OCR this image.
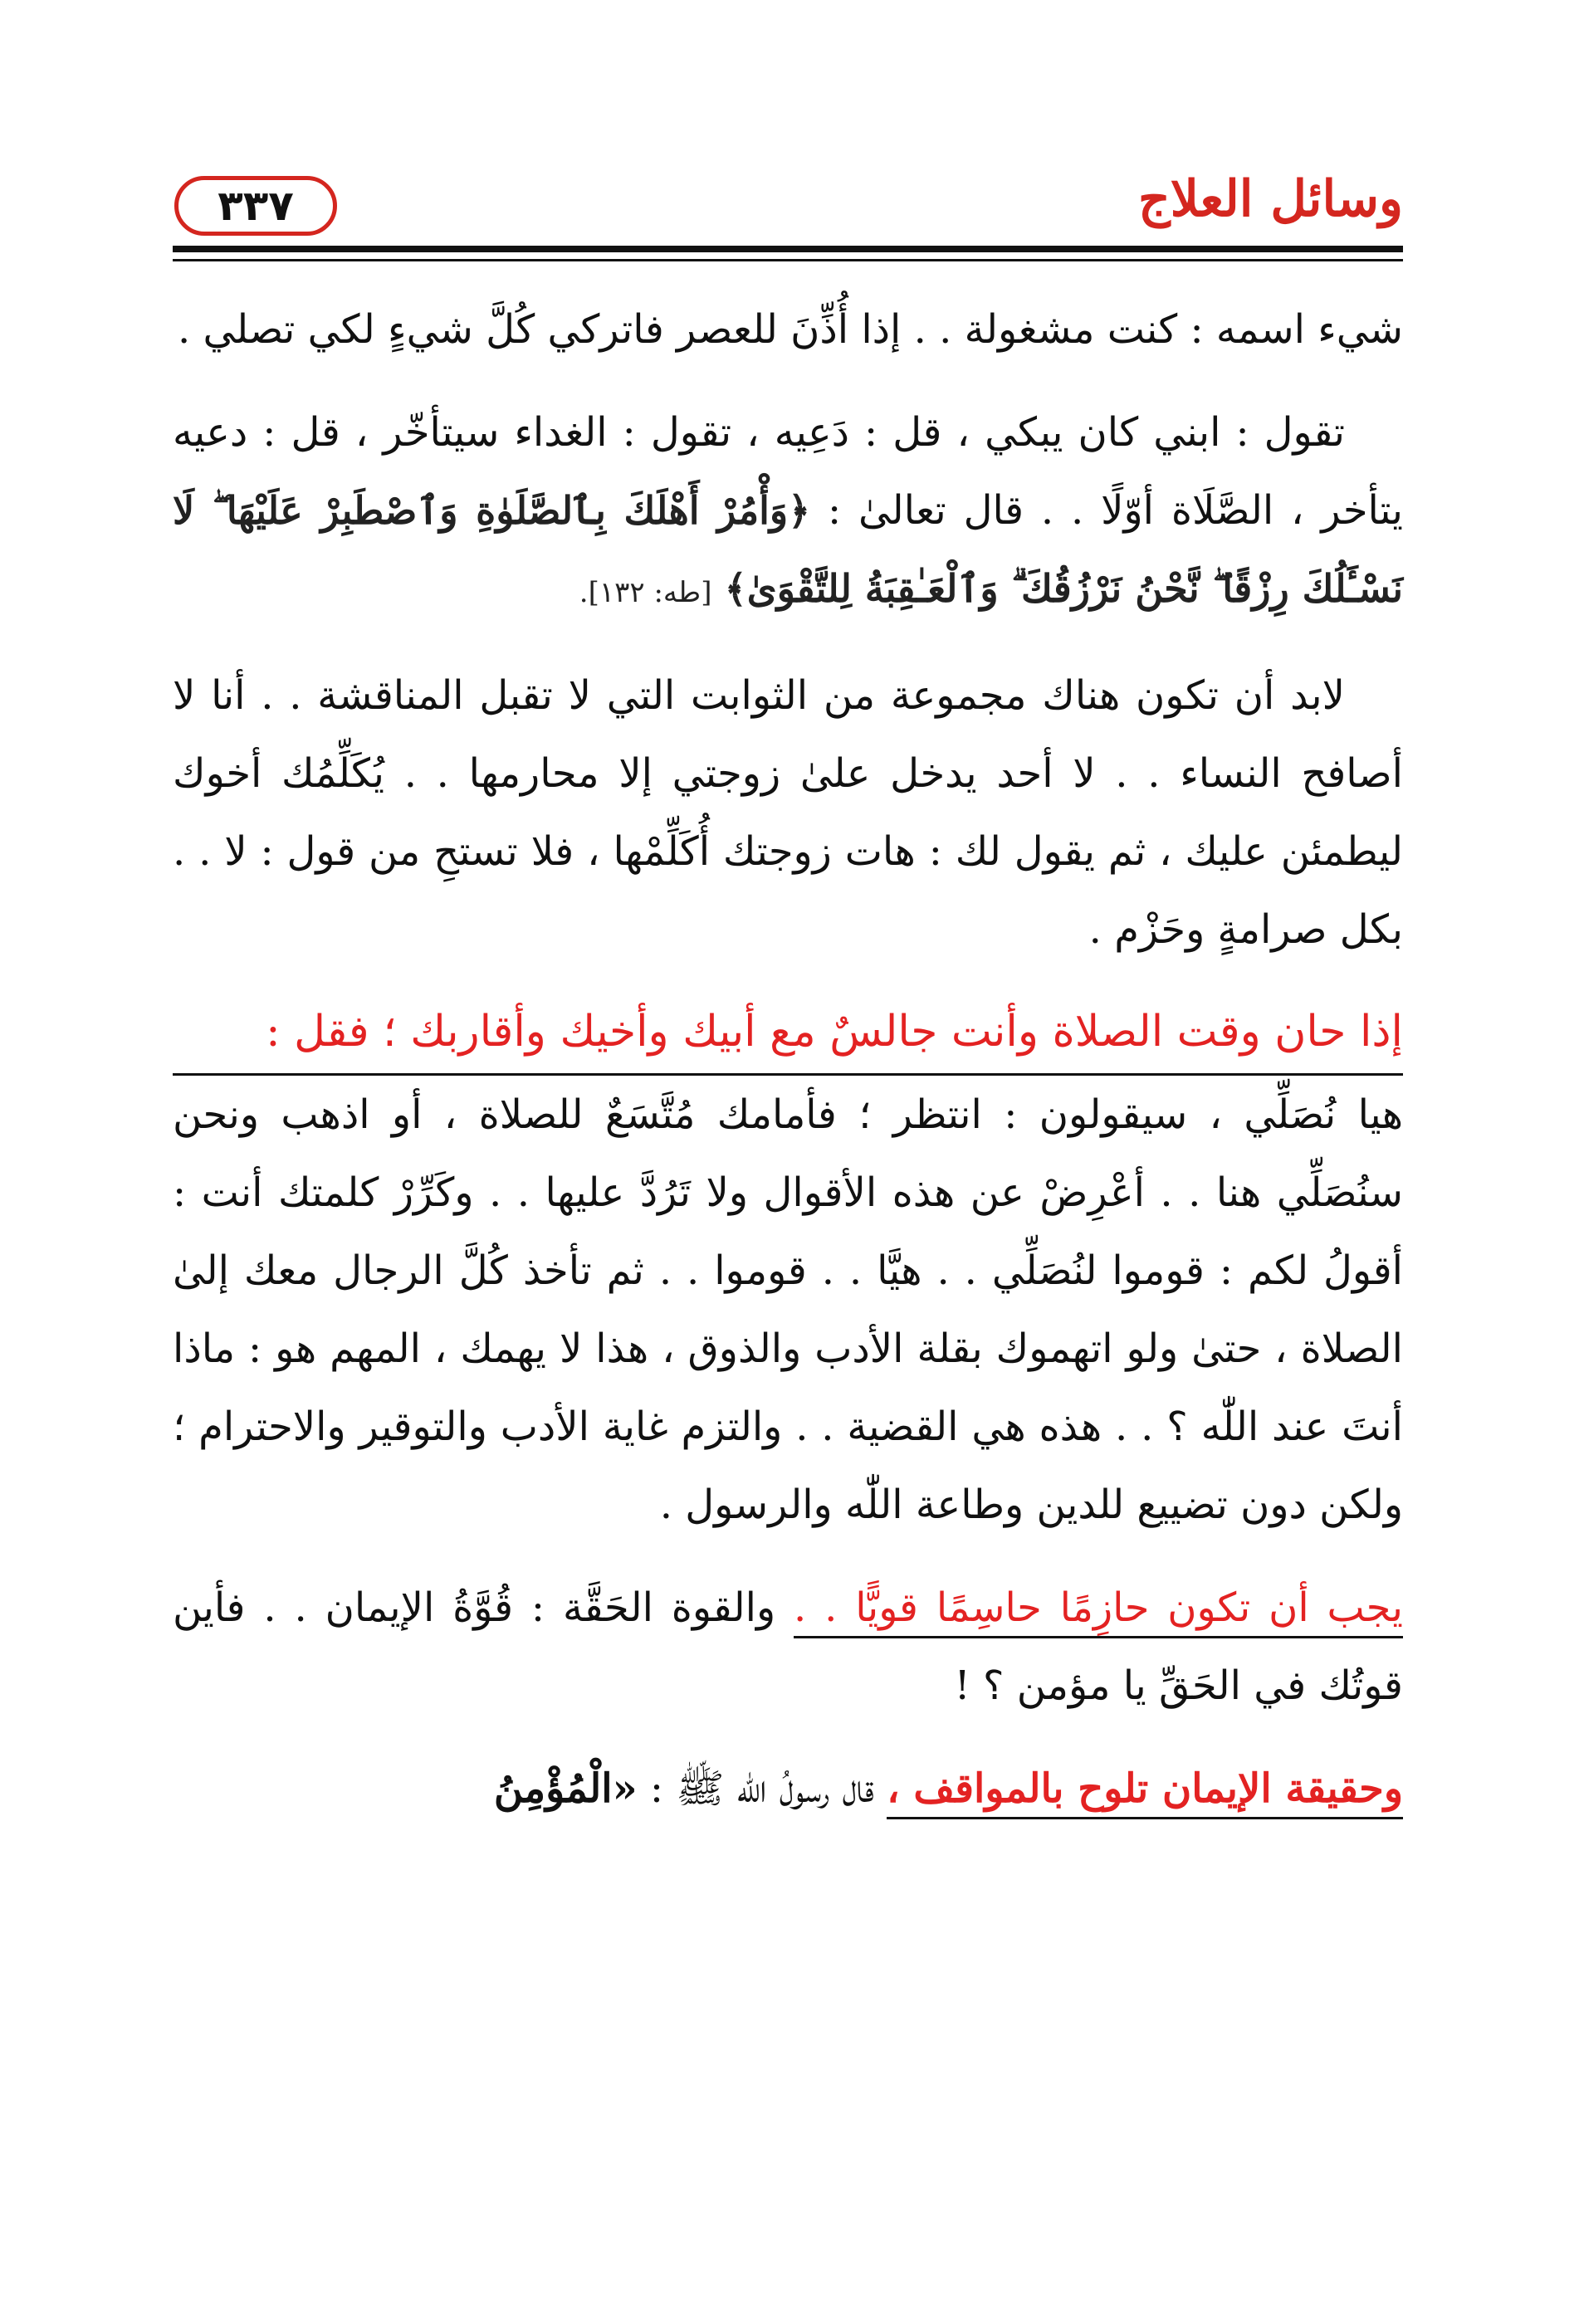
وسائل العلاج
٣٣٧

شيء اسمه : كنت مشغولة . . إذا أُذِّنَ للعصر فاتركي كُلَّ شيءٍ لكي تصلي .

تقول : ابني كان يبكي ، قل : دَعِيه ، تقول : الغداء سيتأخّر ، قل : دعيه يتأخر ، الصَّلَاة أوّلًا . . قال تعالىٰ : ﴿وَأْمُرْ أَهْلَكَ بِٱلصَّلَوٰةِ وَٱصْطَبِرْ عَلَيْهَا ۖ لَا نَسْـَٔلُكَ رِزْقًا ۖ نَّحْنُ نَرْزُقُكَ ۗ وَٱلْعَـٰقِبَةُ لِلتَّقْوَىٰ﴾ [طه: ١٣٢].

لابد أن تكون هناك مجموعة من الثوابت التي لا تقبل المناقشة . . أنا لا أصافح النساء . . لا أحد يدخل علىٰ زوجتي إلا محارمها . . يُكَلِّمُك أخوك ليطمئن عليك ، ثم يقول لك : هات زوجتك أُكَلِّمْها ، فلا تستحِ من قول : لا . . بكل صرامةٍ وحَزْم .

إذا حان وقت الصلاة وأنت جالسٌ مع أبيك وأخيك وأقاربك ؛ فقل :

هيا نُصَلِّي ، سيقولون : انتظر ؛ فأمامك مُتَّسَعٌ للصلاة ، أو اذهب ونحن سنُصَلِّي هنا . . أعْرِضْ عن هذه الأقوال ولا تَرُدَّ عليها . . وكَرِّرْ كلمتك أنت : أقولُ لكم : قوموا لنُصَلِّي . . هيَّا . . قوموا . . ثم تأخذ كُلَّ الرجال معك إلىٰ الصلاة ، حتىٰ ولو اتهموك بقلة الأدب والذوق ، هذا لا يهمك ، المهم هو : ماذا أنتَ عند اللّٰه ؟ . . هذه هي القضية . . والتزم غاية الأدب والتوقير والاحترام ؛ ولكن دون تضييع للدين وطاعة اللّٰه والرسول .

يجب أن تكون حازِمًا حاسِمًا قويًّا . . والقوة الحَقَّة : قُوَّةُ الإيمان . . فأين قوتُك في الحَقِّ يا مؤمن ؟ !

وحقيقة الإيمان تلوح بالمواقف ، قال رسولُ اللّٰه ﷺ : «الْمُؤْمِنُ
